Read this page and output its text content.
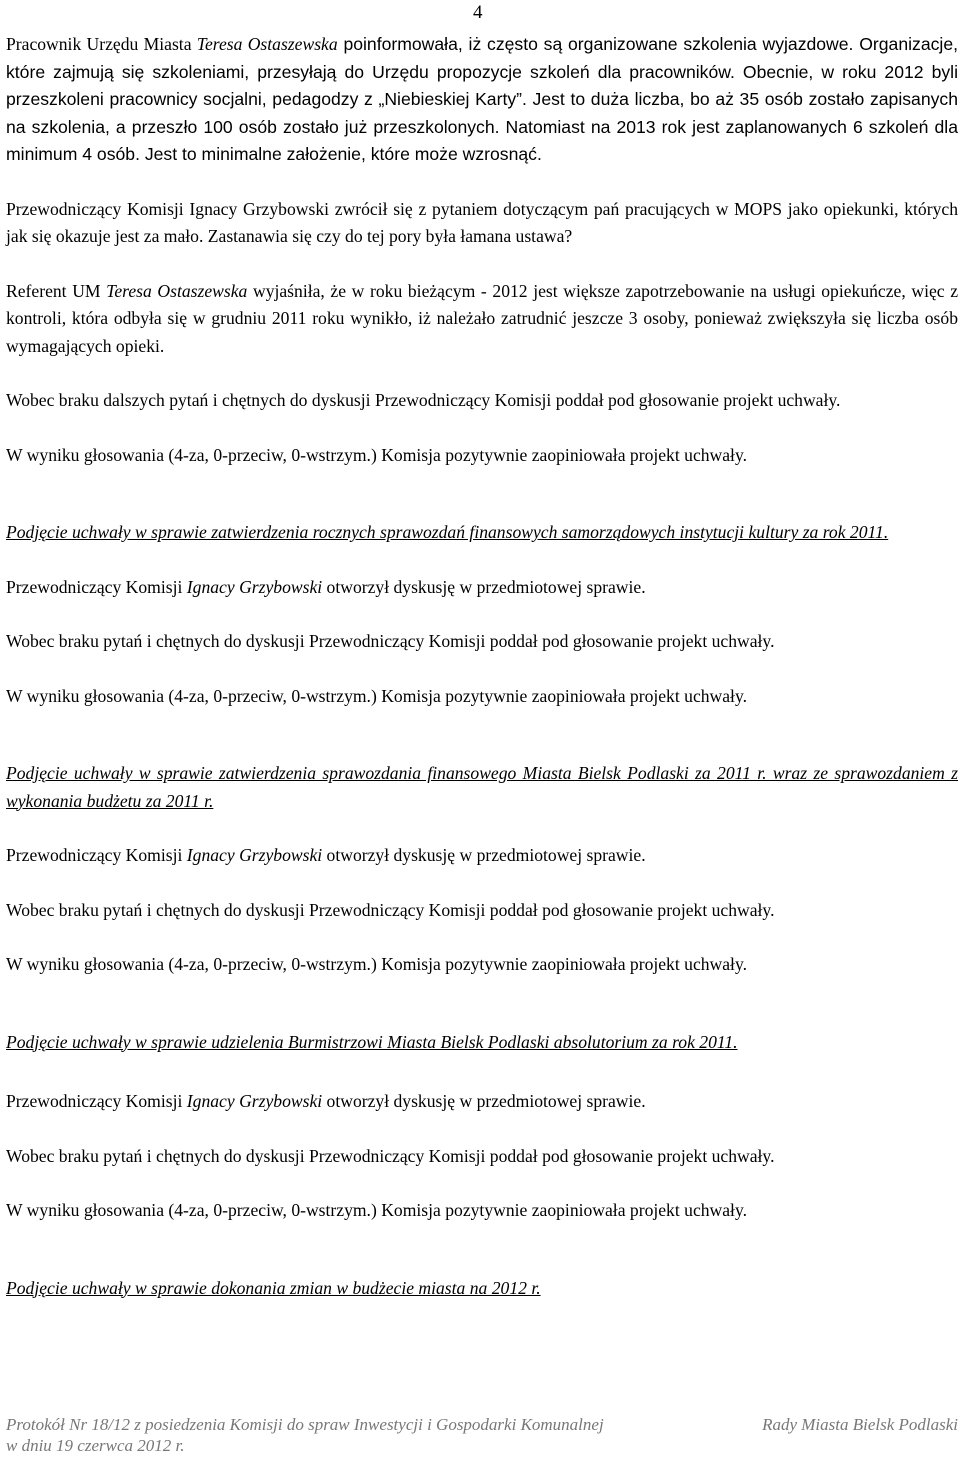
4

Pracownik Urzędu Miasta Teresa Ostaszewska poinformowała, iż często są organizowane szkolenia wyjazdowe. Organizacje, które zajmują się szkoleniami, przesyłają do Urzędu propozycje szkoleń dla pracowników. Obecnie, w roku 2012 byli przeszkoleni pracownicy socjalni, pedagodzy z „Niebieskiej Karty”. Jest to duża liczba, bo aż 35 osób zostało zapisanych na szkolenia, a przeszło 100 osób zostało już przeszkolonych. Natomiast na 2013 rok jest zaplanowanych 6 szkoleń dla minimum 4 osób. Jest to minimalne założenie, które może wzrosnąć.

Przewodniczący Komisji Ignacy Grzybowski zwrócił się z pytaniem dotyczącym pań pracujących w MOPS jako opiekunki, których jak się okazuje jest za mało. Zastanawia się czy do tej pory była łamana ustawa?

Referent UM Teresa Ostaszewska wyjaśniła, że w roku bieżącym - 2012 jest większe zapotrzebowanie na usługi opiekuńcze, więc z kontroli, która odbyła się w grudniu 2011 roku wynikło, iż należało zatrudnić jeszcze 3 osoby, ponieważ zwiększyła się liczba osób wymagających opieki.

Wobec braku dalszych pytań i chętnych do dyskusji Przewodniczący Komisji poddał pod głosowanie projekt uchwały.

W wyniku głosowania (4-za, 0-przeciw, 0-wstrzym.) Komisja pozytywnie zaopiniowała projekt uchwały.

Podjęcie uchwały w sprawie zatwierdzenia rocznych sprawozdań finansowych samorządowych instytucji kultury za rok 2011.

Przewodniczący Komisji Ignacy Grzybowski otworzył dyskusję w przedmiotowej sprawie.

Wobec braku pytań i chętnych do dyskusji Przewodniczący Komisji poddał pod głosowanie projekt uchwały.

W wyniku głosowania (4-za, 0-przeciw, 0-wstrzym.) Komisja pozytywnie zaopiniowała projekt uchwały.

Podjęcie uchwały w sprawie zatwierdzenia sprawozdania finansowego Miasta Bielsk Podlaski za 2011 r. wraz ze sprawozdaniem z wykonania budżetu za 2011 r.

Przewodniczący Komisji Ignacy Grzybowski otworzył dyskusję w przedmiotowej sprawie.

Wobec braku pytań i chętnych do dyskusji Przewodniczący Komisji poddał pod głosowanie projekt uchwały.

W wyniku głosowania (4-za, 0-przeciw, 0-wstrzym.) Komisja pozytywnie zaopiniowała projekt uchwały.

Podjęcie uchwały w sprawie udzielenia Burmistrzowi Miasta Bielsk Podlaski absolutorium za rok 2011.

Przewodniczący Komisji Ignacy Grzybowski otworzył dyskusję w przedmiotowej sprawie.

Wobec braku pytań i chętnych do dyskusji Przewodniczący Komisji poddał pod głosowanie projekt uchwały.

W wyniku głosowania (4-za, 0-przeciw, 0-wstrzym.) Komisja pozytywnie zaopiniowała projekt uchwały.

Podjęcie uchwały w sprawie dokonania zmian w budżecie miasta na 2012 r.

Protokół Nr 18/12 z posiedzenia Komisji do spraw Inwestycji i Gospodarki Komunalnej	Rady Miasta Bielsk Podlaski
w dniu 19 czerwca 2012 r.
